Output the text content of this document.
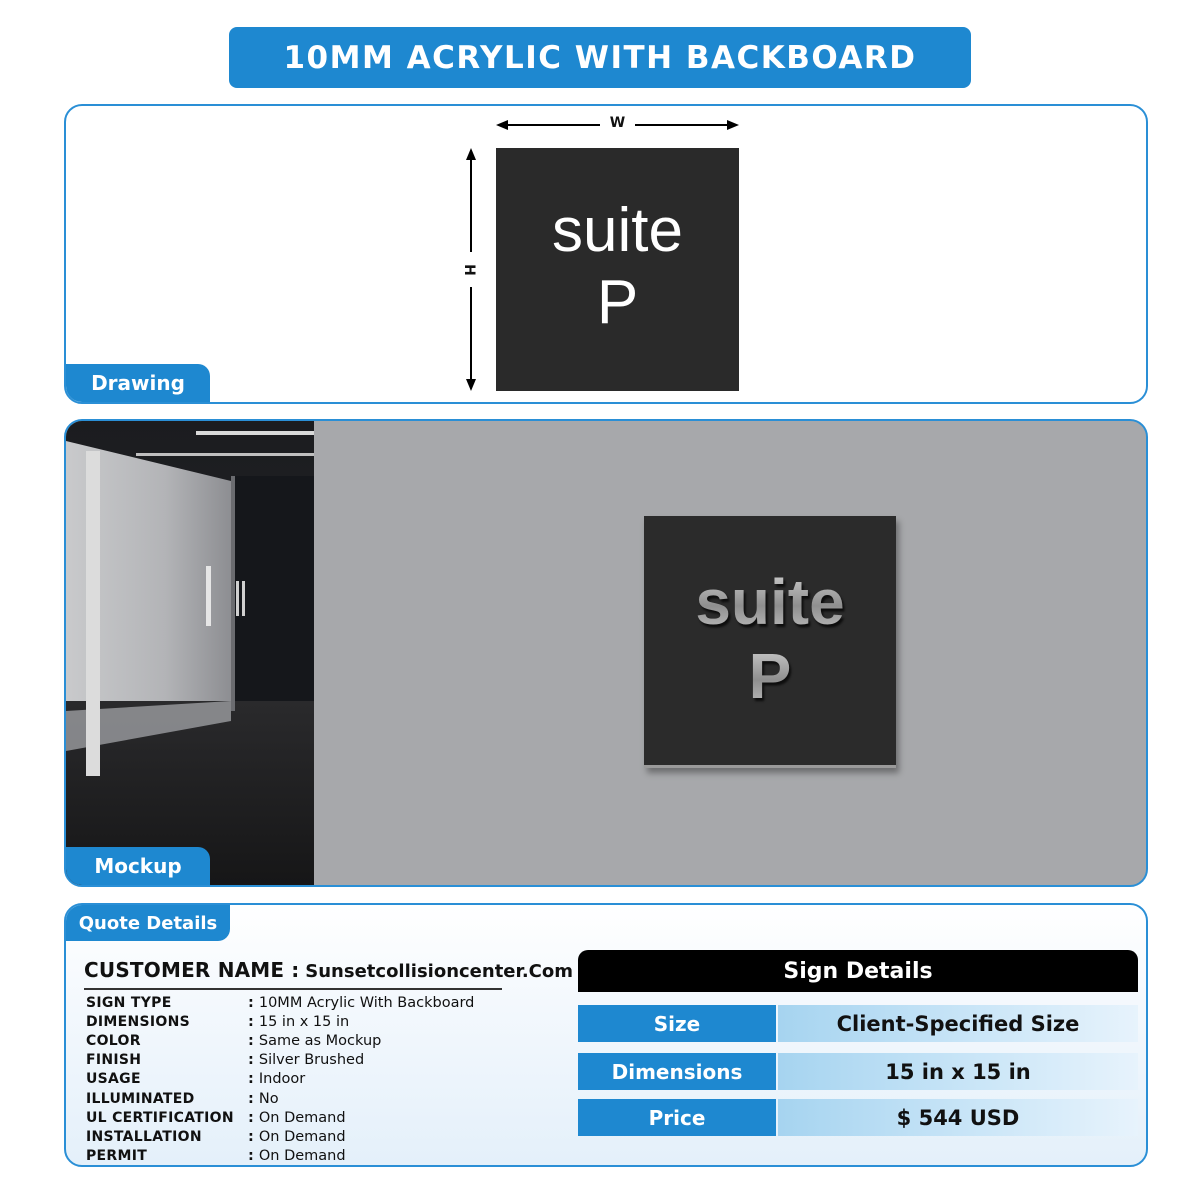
10MM ACRYLIC WITH BACKBOARD
W
H
suite
P
Drawing
suite
P
Mockup
Quote Details
CUSTOMER NAME : Sunsetcollisioncenter.Com
SIGN TYPE	: 10MM Acrylic With Backboard
DIMENSIONS	: 15 in x 15 in
COLOR	: Same as Mockup
FINISH	: Silver Brushed
USAGE	: Indoor
ILLUMINATED	: No
UL CERTIFICATION	: On Demand
INSTALLATION	: On Demand
PERMIT	: On Demand
Sign Details
Size	Client-Specified Size
Dimensions	15 in x 15 in
Price	$ 544 USD
